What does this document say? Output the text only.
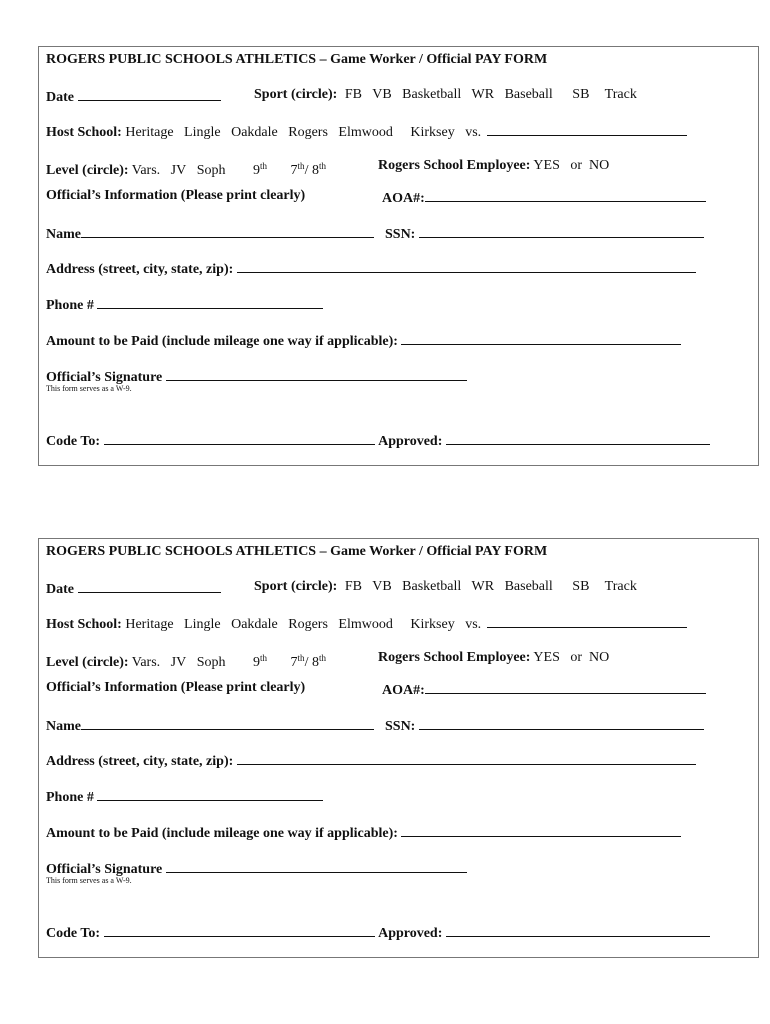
ROGERS PUBLIC SCHOOLS ATHLETICS – Game Worker / Official PAY FORM
Date	Sport (circle): FB VB Basketball WR Baseball SB Track
Host School: Heritage Lingle Oakdale Rogers Elmwood Kirksey vs.
Level (circle): Vars. JV Soph 9th 7th/ 8th	Rogers School Employee: YES   or  NO
Official’s Information (Please print clearly)	AOA#:
Name	SSN:
Address (street, city, state, zip):
Phone #
Amount to be Paid (include mileage one way if applicable):
Official’s Signature
This form serves as a W-9.
Code To:	Approved:
ROGERS PUBLIC SCHOOLS ATHLETICS – Game Worker / Official PAY FORM
Date	Sport (circle): FB VB Basketball WR Baseball SB Track
Host School: Heritage Lingle Oakdale Rogers Elmwood Kirksey vs.
Level (circle): Vars. JV Soph 9th 7th/ 8th	Rogers School Employee: YES   or  NO
Official’s Information (Please print clearly)	AOA#:
Name	SSN:
Address (street, city, state, zip):
Phone #
Amount to be Paid (include mileage one way if applicable):
Official’s Signature
This form serves as a W-9.
Code To:	Approved:
